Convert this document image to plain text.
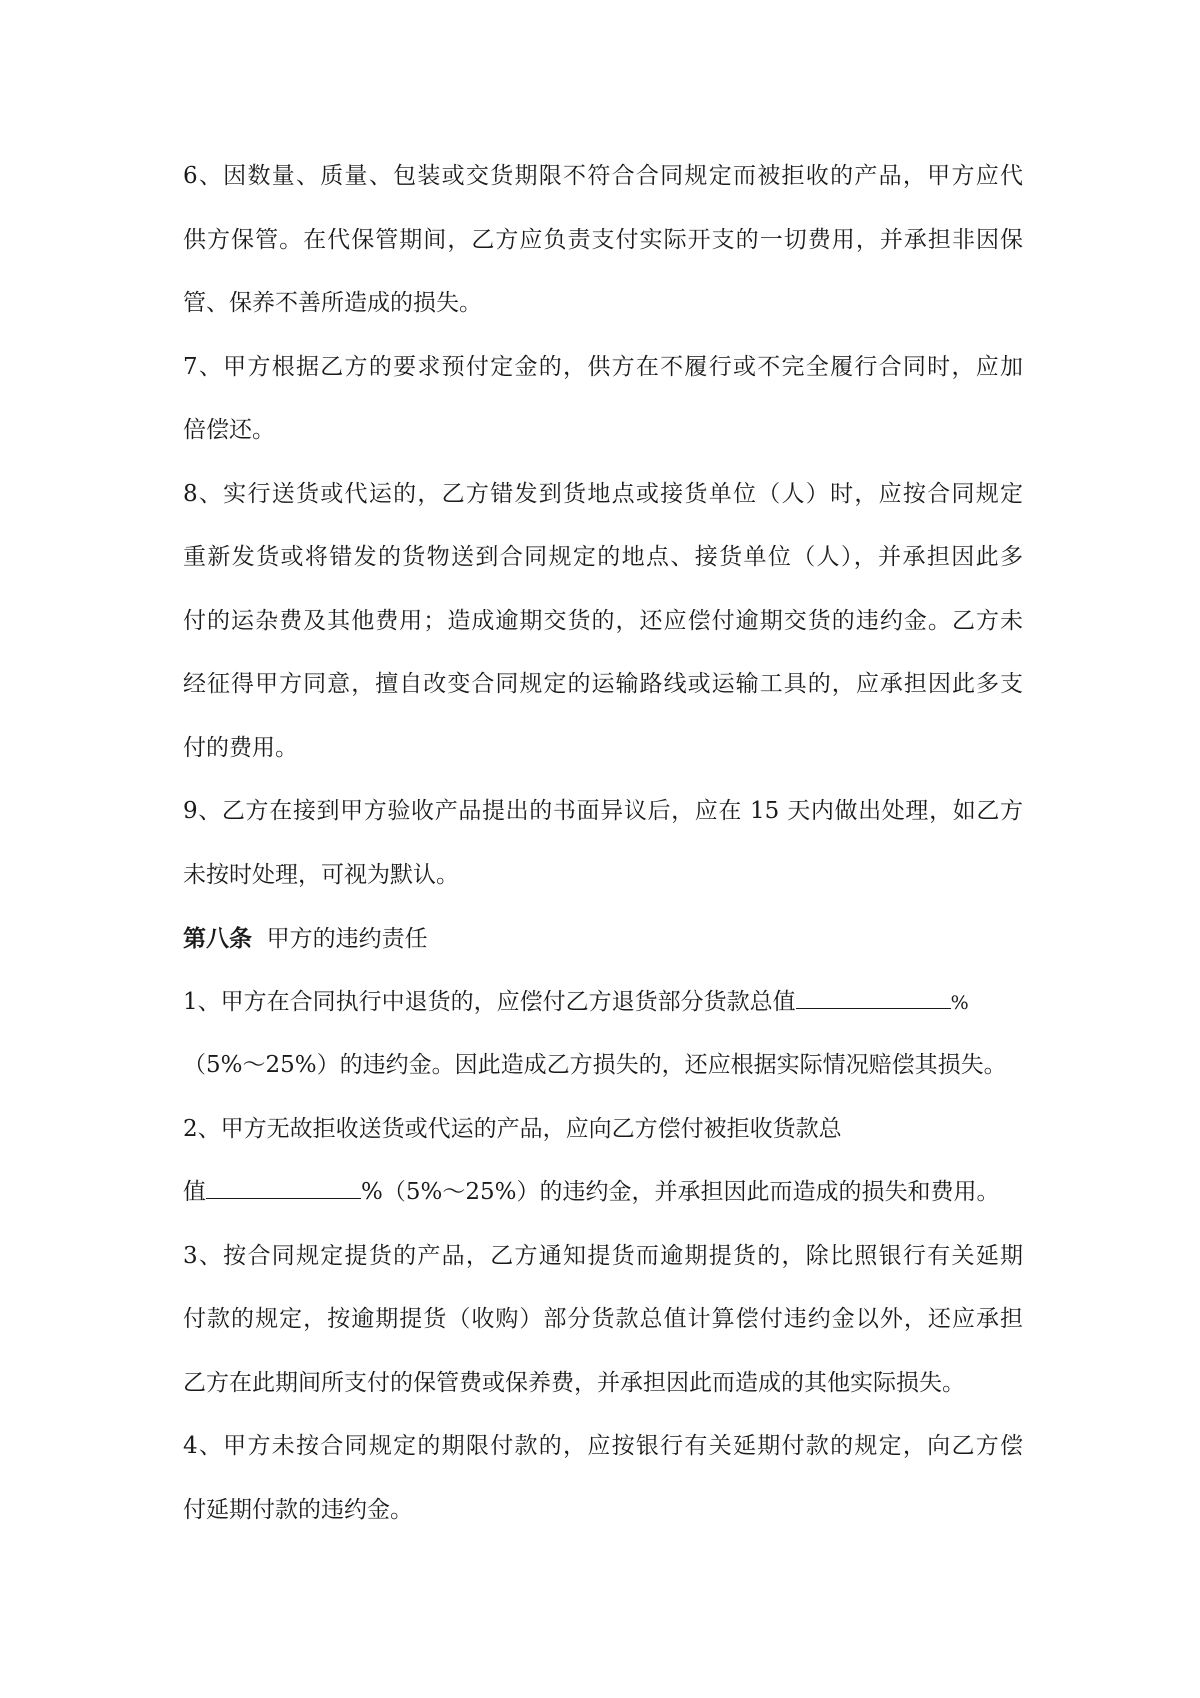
6、因数量、质量、包装或交货期限不符合合同规定而被拒收的产品，甲方应代
供方保管。在代保管期间，乙方应负责支付实际开支的一切费用，并承担非因保
管、保养不善所造成的损失。
7、甲方根据乙方的要求预付定金的，供方在不履行或不完全履行合同时，应加
倍偿还。
8、实行送货或代运的，乙方错发到货地点或接货单位（人）时，应按合同规定
重新发货或将错发的货物送到合同规定的地点、接货单位（人），并承担因此多
付的运杂费及其他费用；造成逾期交货的，还应偿付逾期交货的违约金。乙方未
经征得甲方同意，擅自改变合同规定的运输路线或运输工具的，应承担因此多支
付的费用。
9、乙方在接到甲方验收产品提出的书面异议后，应在 15 天内做出处理，如乙方
未按时处理，可视为默认。
第八条  甲方的违约责任
1、甲方在合同执行中退货的，应偿付乙方退货部分货款总值	%
（5%～25%）的违约金。因此造成乙方损失的，还应根据实际情况赔偿其损失。
2、甲方无故拒收送货或代运的产品，应向乙方偿付被拒收货款总
值	%（5%～25%）的违约金，并承担因此而造成的损失和费用。
3、按合同规定提货的产品，乙方通知提货而逾期提货的，除比照银行有关延期
付款的规定，按逾期提货（收购）部分货款总值计算偿付违约金以外，还应承担
乙方在此期间所支付的保管费或保养费，并承担因此而造成的其他实际损失。
4、甲方未按合同规定的期限付款的，应按银行有关延期付款的规定，向乙方偿
付延期付款的违约金。
